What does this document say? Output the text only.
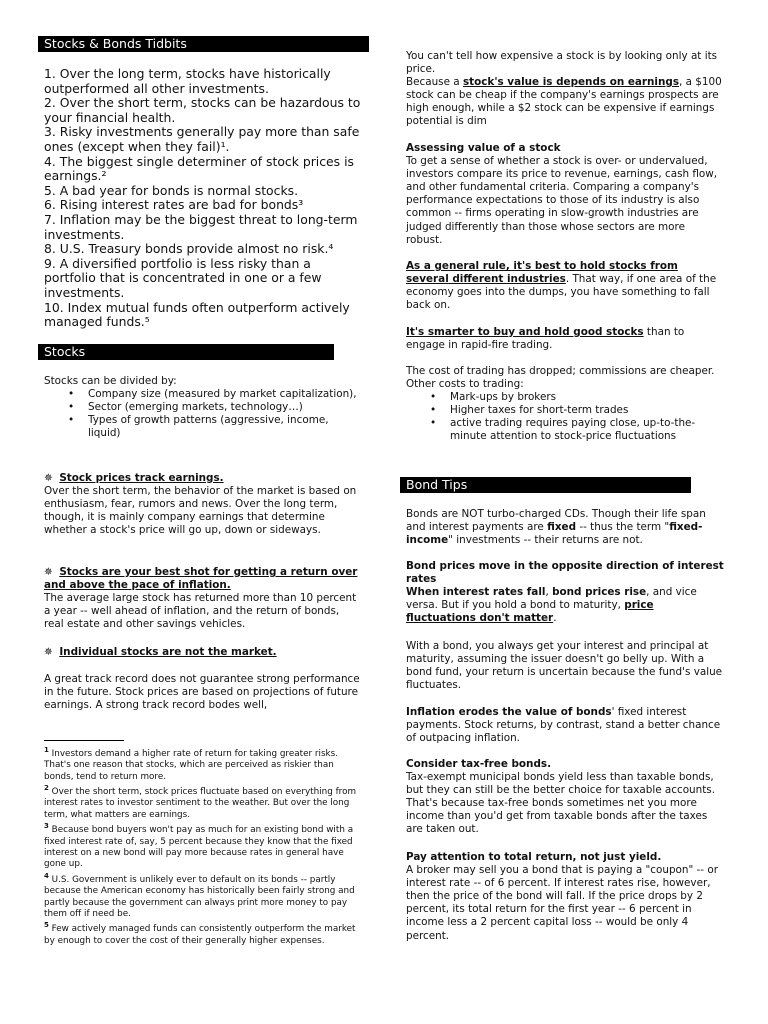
Stocks & Bonds Tidbits

1. Over the long term, stocks have historically outperformed all other investments.

2. Over the short term, stocks can be hazardous to your financial health.

3. Risky investments generally pay more than safe ones (except when they fail)¹.

4. The biggest single determiner of stock prices is earnings.²

5. A bad year for bonds is normal stocks.

6. Rising interest rates are bad for bonds³

7. Inflation may be the biggest threat to long-term investments.

8. U.S. Treasury bonds provide almost no risk.⁴

9. A diversified portfolio is less risky than a portfolio that is concentrated in one or a few investments.

10. Index mutual funds often outperform actively managed funds.⁵

Stocks

Stocks can be divided by:

• Company size (measured by market capitalization),
• Sector (emerging markets, technology…)
• Types of growth patterns (aggressive, income, liquid)

✵ Stock prices track earnings.

Over the short term, the behavior of the market is based on enthusiasm, fear, rumors and news. Over the long term, though, it is mainly company earnings that determine whether a stock's price will go up, down or sideways.

✵ Stocks are your best shot for getting a return over and above the pace of inflation.

The average large stock has returned more than 10 percent a year -- well ahead of inflation, and the return of bonds, real estate and other savings vehicles.

✵ Individual stocks are not the market.

A great track record does not guarantee strong performance in the future. Stock prices are based on projections of future earnings. A strong track record bodes well,

$^1$ Investors demand a higher rate of return for taking greater risks. That's one reason that stocks, which are perceived as riskier than bonds, tend to return more.

$^2$ Over the short term, stock prices fluctuate based on everything from interest rates to investor sentiment to the weather. But over the long term, what matters are earnings.

$^3$ Because bond buyers won't pay as much for an existing bond with a fixed interest rate of, say, 5 percent because they know that the fixed interest on a new bond will pay more because rates in general have gone up.

$^4$ U.S. Government is unlikely ever to default on its bonds -- partly because the American economy has historically been fairly strong and partly because the government can always print more money to pay them off if need be.

$^5$ Few actively managed funds can consistently outperform the market by enough to cover the cost of their generally higher expenses.

You can't tell how expensive a stock is by looking only at its price.

Because a stock's value is depends on earnings, a $100 stock can be cheap if the company's earnings prospects are high enough, while a $2 stock can be expensive if earnings potential is dim

Assessing value of a stock

To get a sense of whether a stock is over- or undervalued, investors compare its price to revenue, earnings, cash flow, and other fundamental criteria. Comparing a company's performance expectations to those of its industry is also common -- firms operating in slow-growth industries are judged differently than those whose sectors are more robust.

As a general rule, it's best to hold stocks from several different industries. That way, if one area of the economy goes into the dumps, you have something to fall back on.

It's smarter to buy and hold good stocks than to engage in rapid-fire trading.

The cost of trading has dropped; commissions are cheaper.

Other costs to trading:

• Mark-ups by brokers
• Higher taxes for short-term trades
• active trading requires paying close, up-to-the-minute attention to stock-price fluctuations
Bond Tips

Bonds are NOT turbo-charged CDs. Though their life span and interest payments are fixed -- thus the term "fixed-income" investments -- their returns are not.

Bond prices move in the opposite direction of interest rates

When interest rates fall, bond prices rise, and vice versa. But if you hold a bond to maturity, price fluctuations don't matter.

With a bond, you always get your interest and principal at maturity, assuming the issuer doesn't go belly up. With a bond fund, your return is uncertain because the fund's value fluctuates.

Inflation erodes the value of bonds' fixed interest payments. Stock returns, by contrast, stand a better chance of outpacing inflation.

Consider tax-free bonds.

Tax-exempt municipal bonds yield less than taxable bonds, but they can still be the better choice for taxable accounts. That's because tax-free bonds sometimes net you more income than you'd get from taxable bonds after the taxes are taken out.

Pay attention to total return, not just yield.

A broker may sell you a bond that is paying a "coupon" -- or interest rate -- of 6 percent. If interest rates rise, however, then the price of the bond will fall. If the price drops by 2 percent, its total return for the first year -- 6 percent in income less a 2 percent capital loss -- would be only 4 percent.
